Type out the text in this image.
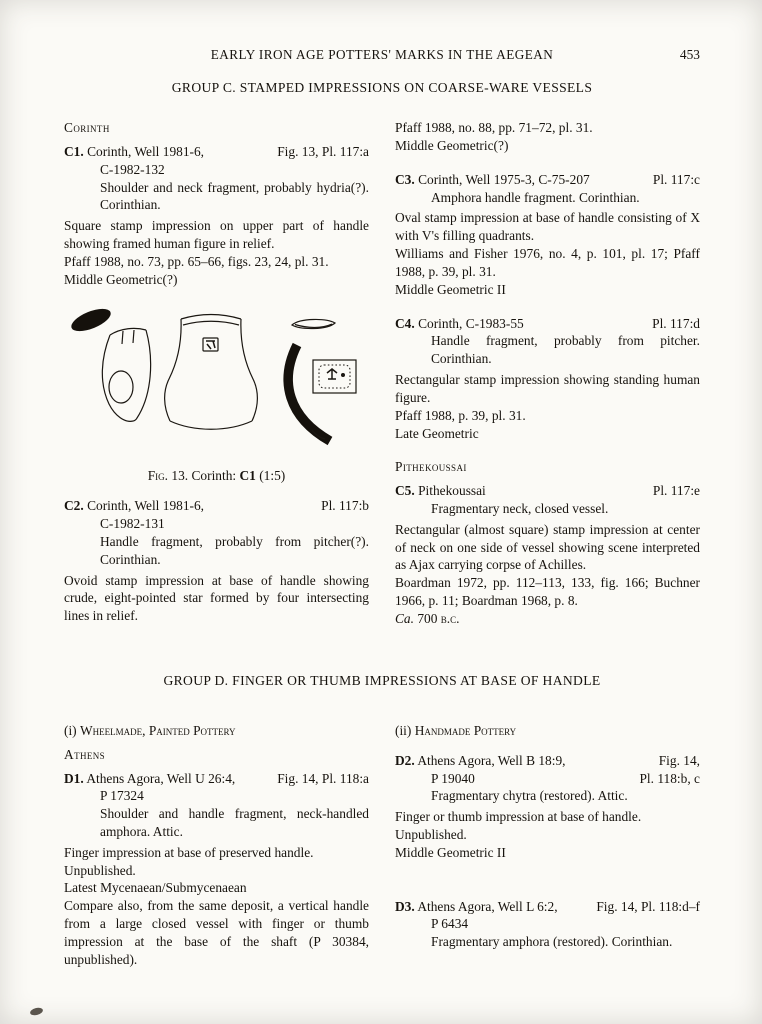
EARLY IRON AGE POTTERS' MARKS IN THE AEGEAN	453
GROUP C. STAMPED IMPRESSIONS ON COARSE-WARE VESSELS
Corinth
C1. Corinth, Well 1981-6,	Fig. 13, Pl. 117:a
C-1982-132

Shoulder and neck fragment, probably hydria(?). Corinthian.

Square stamp impression on upper part of handle showing framed human figure in relief.

Pfaff 1988, no. 73, pp. 65–66, figs. 23, 24, pl. 31.

Middle Geometric(?)

Fig. 13. Corinth: C1 (1:5)
C2. Corinth, Well 1981-6,	Pl. 117:b
C-1982-131

Handle fragment, probably from pitcher(?). Corinthian.

Ovoid stamp impression at base of handle showing crude, eight-pointed star formed by four intersecting lines in relief.

Pfaff 1988, no. 88, pp. 71–72, pl. 31.

Middle Geometric(?)

C3. Corinth, Well 1975-3, C-75-207	Pl. 117:c

Amphora handle fragment. Corinthian.

Oval stamp impression at base of handle consisting of X with V's filling quadrants.

Williams and Fisher 1976, no. 4, p. 101, pl. 17; Pfaff 1988, p. 39, pl. 31.

Middle Geometric II

C4. Corinth, C-1983-55	Pl. 117:d

Handle fragment, probably from pitcher. Corinthian.

Rectangular stamp impression showing standing human figure.

Pfaff 1988, p. 39, pl. 31.

Late Geometric

Pithekoussai
C5. Pithekoussai	Pl. 117:e

Fragmentary neck, closed vessel.

Rectangular (almost square) stamp impression at center of neck on one side of vessel showing scene interpreted as Ajax carrying corpse of Achilles.

Boardman 1972, pp. 112–113, 133, fig. 166; Buchner 1966, p. 11; Boardman 1968, p. 8.

Ca. 700 b.c.

GROUP D. FINGER OR THUMB IMPRESSIONS AT BASE OF HANDLE
(i) Wheelmade, Painted Pottery
Athens
D1. Athens Agora, Well U 26:4,	Fig. 14, Pl. 118:a
P 17324

Shoulder and handle fragment, neck-handled amphora. Attic.

Finger impression at base of preserved handle.

Unpublished.

Latest Mycenaean/Submycenaean

Compare also, from the same deposit, a vertical handle from a large closed vessel with finger or thumb impression at the base of the shaft (P 30384, unpublished).

(ii) Handmade Pottery
D2. Athens Agora, Well B 18:9,	Fig. 14,
P 19040	Pl. 118:b, c

Fragmentary chytra (restored). Attic.

Finger or thumb impression at base of handle.

Unpublished.

Middle Geometric II

D3. Athens Agora, Well L 6:2,	Fig. 14, Pl. 118:d–f
P 6434

Fragmentary amphora (restored). Corinthian.
